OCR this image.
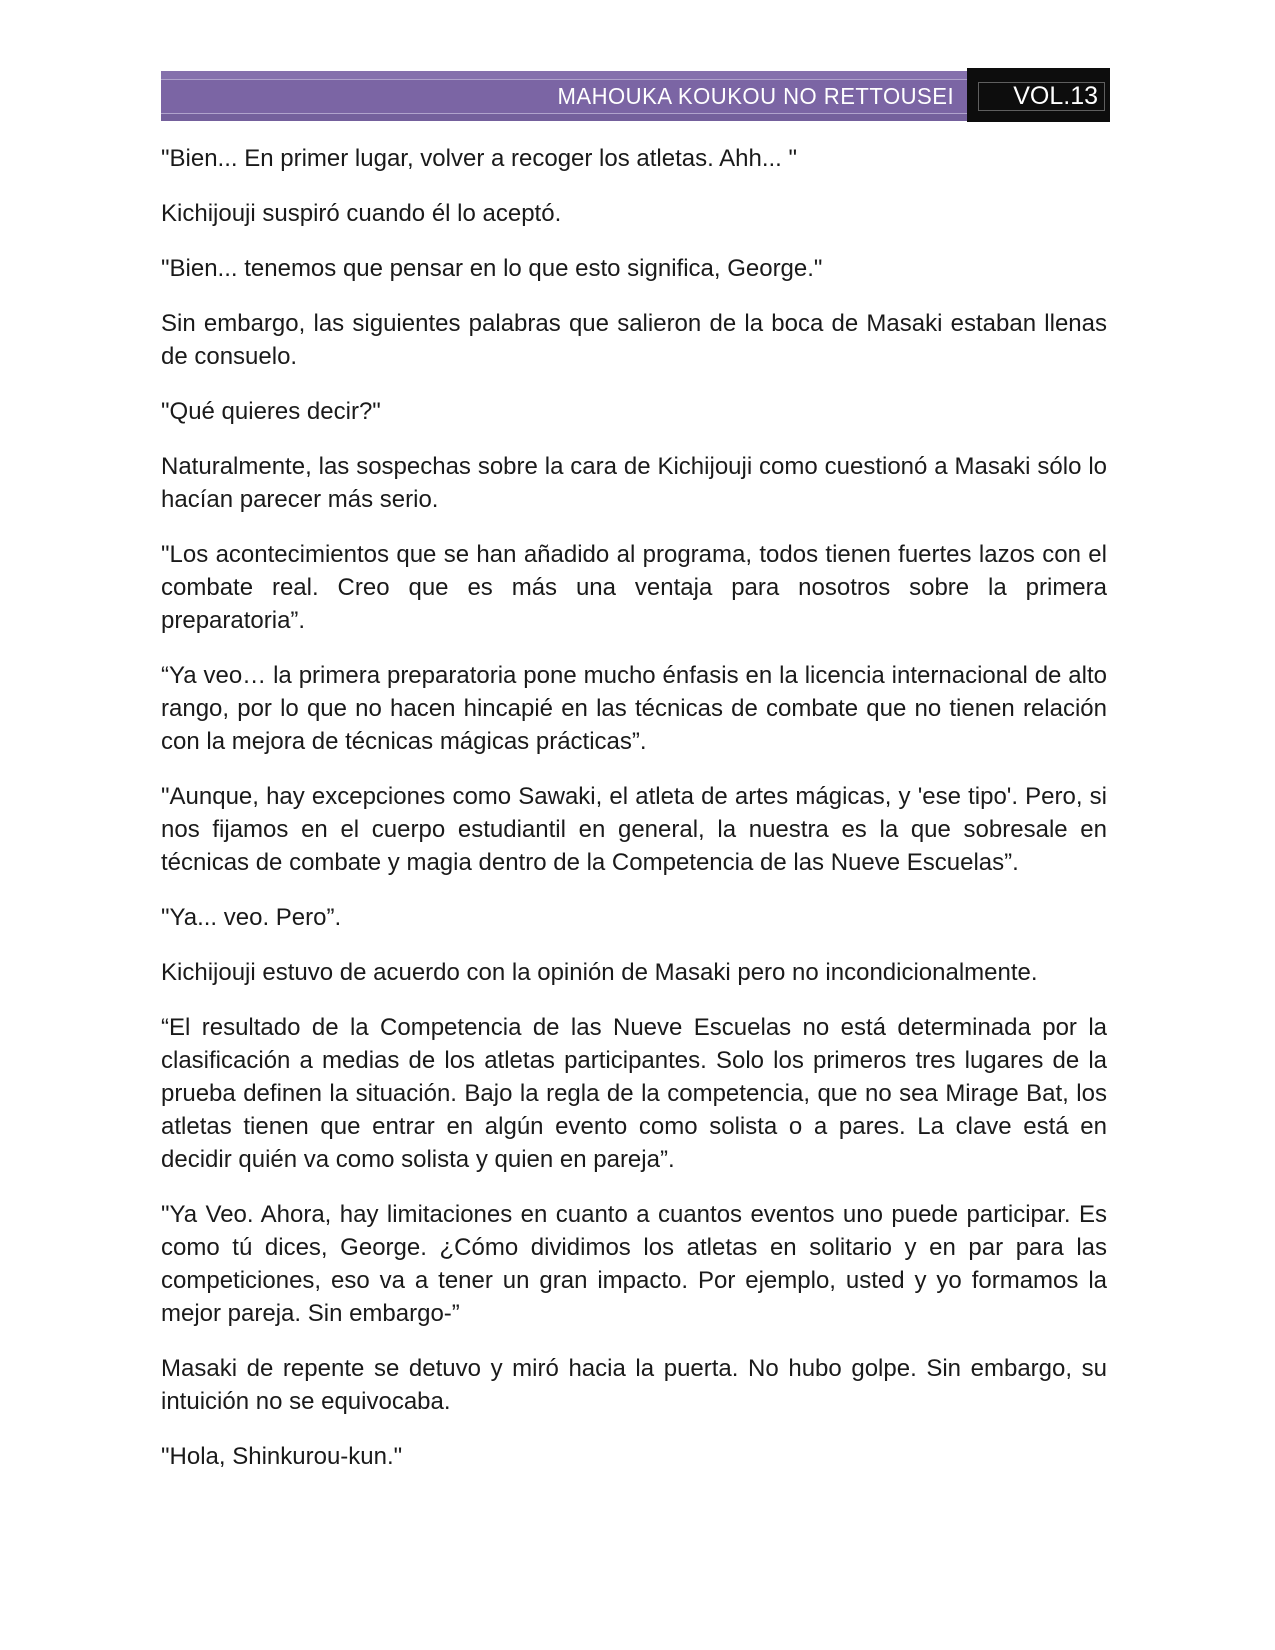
MAHOUKA KOUKOU NO RETTOUSEI VOL.13

"Bien... En primer lugar, volver a recoger los atletas. Ahh... "

Kichijouji suspiró cuando él lo aceptó.

"Bien... tenemos que pensar en lo que esto significa, George."

Sin embargo, las siguientes palabras que salieron de la boca de Masaki estaban llenas de consuelo.

"Qué quieres decir?"

Naturalmente, las sospechas sobre la cara de Kichijouji como cuestionó a Masaki sólo lo hacían parecer más serio.

"Los acontecimientos que se han añadido al programa, todos tienen fuertes lazos con el combate real. Creo que es más una ventaja para nosotros sobre la primera preparatoria”.

“Ya veo… la primera preparatoria pone mucho énfasis en la licencia internacional de alto rango, por lo que no hacen hincapié en las técnicas de combate que no tienen relación con la mejora de técnicas mágicas prácticas”.

"Aunque, hay excepciones como Sawaki, el atleta de artes mágicas, y 'ese tipo'. Pero, si nos fijamos en el cuerpo estudiantil en general, la nuestra es la que sobresale en técnicas de combate y magia dentro de la Competencia de las Nueve Escuelas”.

"Ya... veo. Pero”.

Kichijouji estuvo de acuerdo con la opinión de Masaki pero no incondicionalmente.

“El resultado de la Competencia de las Nueve Escuelas no está determinada por la clasificación a medias de los atletas participantes. Solo los primeros tres lugares de la prueba definen la situación. Bajo la regla de la competencia, que no sea Mirage Bat, los atletas tienen que entrar en algún evento como solista o a pares. La clave está en decidir quién va como solista y quien en pareja”.

"Ya Veo. Ahora, hay limitaciones en cuanto a cuantos eventos uno puede participar. Es como tú dices, George. ¿Cómo dividimos los atletas en solitario y en par para las competiciones, eso va a tener un gran impacto. Por ejemplo, usted y yo formamos la mejor pareja. Sin embargo-”

Masaki de repente se detuvo y miró hacia la puerta. No hubo golpe. Sin embargo, su intuición no se equivocaba.

"Hola, Shinkurou-kun."
